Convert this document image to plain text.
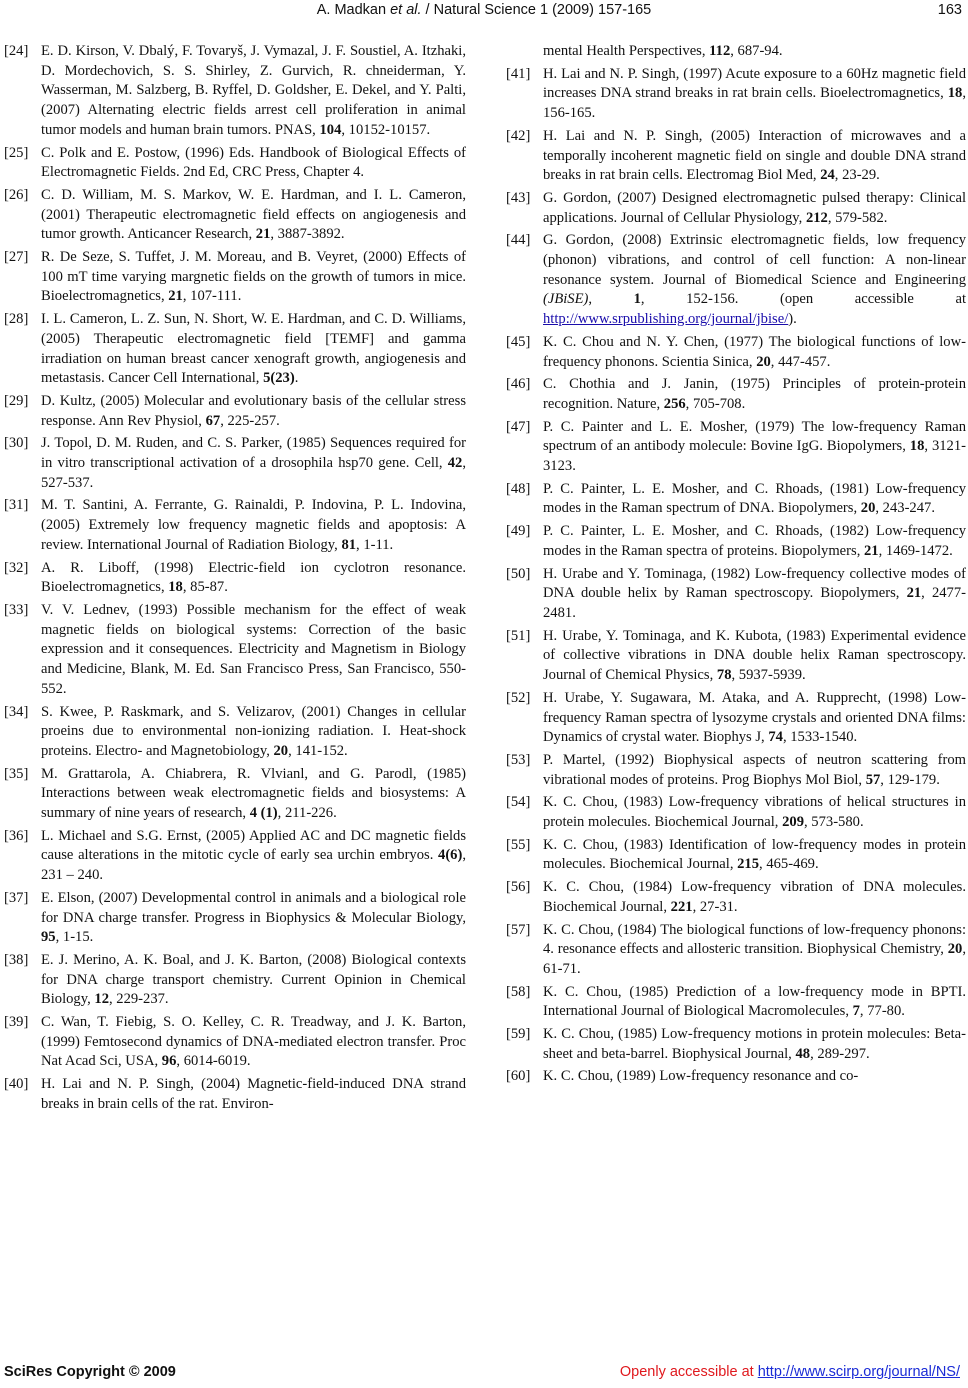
A. Madkan et al. / Natural Science 1 (2009) 157-165	163
[24] E. D. Kirson, V. Dbalý, F. Tovaryš, J. Vymazal, J. F. Soustiel, A. Itzhaki, D. Mordechovich, S. S. Shirley, Z. Gurvich, R. chneiderman, Y. Wasserman, M. Salzberg, B. Ryffel, D. Goldsher, E. Dekel, and Y. Palti, (2007) Alternating electric fields arrest cell proliferation in animal tumor models and human brain tumors. PNAS, 104, 10152-10157.
[25] C. Polk and E. Postow, (1996) Eds. Handbook of Biological Effects of Electromagnetic Fields. 2nd Ed, CRC Press, Chapter 4.
[26] C. D. William, M. S. Markov, W. E. Hardman, and I. L. Cameron, (2001) Therapeutic electromagnetic field effects on angiogenesis and tumor growth. Anticancer Research, 21, 3887-3892.
[27] R. De Seze, S. Tuffet, J. M. Moreau, and B. Veyret, (2000) Effects of 100 mT time varying margnetic fields on the growth of tumors in mice. Bioelectromagnetics, 21, 107-111.
[28] I. L. Cameron, L. Z. Sun, N. Short, W. E. Hardman, and C. D. Williams, (2005) Therapeutic electromagnetic field [TEMF] and gamma irradiation on human breast cancer xenograft growth, angiogenesis and metastasis. Cancer Cell International, 5(23).
[29] D. Kultz, (2005) Molecular and evolutionary basis of the cellular stress response. Ann Rev Physiol, 67, 225-257.
[30] J. Topol, D. M. Ruden, and C. S. Parker, (1985) Sequences required for in vitro transcriptional activation of a drosophila hsp70 gene. Cell, 42, 527-537.
[31] M. T. Santini, A. Ferrante, G. Rainaldi, P. Indovina, P. L. Indovina, (2005) Extremely low frequency magnetic fields and apoptosis: A review. International Journal of Radiation Biology, 81, 1-11.
[32] A. R. Liboff, (1998) Electric-field ion cyclotron resonance. Bioelectromagnetics, 18, 85-87.
[33] V. V. Lednev, (1993) Possible mechanism for the effect of weak magnetic fields on biological systems: Correction of the basic expression and it consequences. Electricity and Magnetism in Biology and Medicine, Blank, M. Ed. San Francisco Press, San Francisco, 550- 552.
[34] S. Kwee, P. Raskmark, and S. Velizarov, (2001) Changes in cellular proeins due to environmental non-ionizing radiation. I. Heat-shock proteins. Electro- and Magnetobiology, 20, 141-152.
[35] M. Grattarola, A. Chiabrera, R. Vlvianl, and G. Parodl, (1985) Interactions between weak electromagnetic fields and biosystems: A summary of nine years of research, 4 (1), 211-226.
[36] L. Michael and S.G. Ernst, (2005) Applied AC and DC magnetic fields cause alterations in the mitotic cycle of early sea urchin embryos. 4(6), 231 – 240.
[37] E. Elson, (2007) Developmental control in animals and a biological role for DNA charge transfer. Progress in Biophysics & Molecular Biology, 95, 1-15.
[38] E. J. Merino, A. K. Boal, and J. K. Barton, (2008) Biological contexts for DNA charge transport chemistry. Current Opinion in Chemical Biology, 12, 229-237.
[39] C. Wan, T. Fiebig, S. O. Kelley, C. R. Treadway, and J. K. Barton, (1999) Femtosecond dynamics of DNA-mediated electron transfer. Proc Nat Acad Sci, USA, 96, 6014-6019.
[40] H. Lai and N. P. Singh, (2004) Magnetic-field-induced DNA strand breaks in brain cells of the rat. Environ-
mental Health Perspectives, 112, 687-94.
[41] H. Lai and N. P. Singh, (1997) Acute exposure to a 60Hz magnetic field increases DNA strand breaks in rat brain cells. Bioelectromagnetics, 18, 156-165.
[42] H. Lai and N. P. Singh, (2005) Interaction of microwaves and a temporally incoherent magnetic field on single and double DNA strand breaks in rat brain cells. Electromag Biol Med, 24, 23-29.
[43] G. Gordon, (2007) Designed electromagnetic pulsed therapy: Clinical applications. Journal of Cellular Physiology, 212, 579-582.
[44] G. Gordon, (2008) Extrinsic electromagnetic fields, low frequency (phonon) vibrations, and control of cell function: A non-linear resonance system. Journal of Biomedical Science and Engineering (JBiSE), 1, 152-156. (open accessible at http://www.srpublishing.org/journal/jbise/).
[45] K. C. Chou and N. Y. Chen, (1977) The biological functions of low-frequency phonons. Scientia Sinica, 20, 447-457.
[46] C. Chothia and J. Janin, (1975) Principles of protein-protein recognition. Nature, 256, 705-708.
[47] P. C. Painter and L. E. Mosher, (1979) The low-frequency Raman spectrum of an antibody molecule: Bovine IgG. Biopolymers, 18, 3121-3123.
[48] P. C. Painter, L. E. Mosher, and C. Rhoads, (1981) Low-frequency modes in the Raman spectrum of DNA. Biopolymers, 20, 243-247.
[49] P. C. Painter, L. E. Mosher, and C. Rhoads, (1982) Low-frequency modes in the Raman spectra of proteins. Biopolymers, 21, 1469-1472.
[50] H. Urabe and Y. Tominaga, (1982) Low-frequency collective modes of DNA double helix by Raman spectroscopy. Biopolymers, 21, 2477-2481.
[51] H. Urabe, Y. Tominaga, and K. Kubota, (1983) Experimental evidence of collective vibrations in DNA double helix Raman spectroscopy. Journal of Chemical Physics, 78, 5937-5939.
[52] H. Urabe, Y. Sugawara, M. Ataka, and A. Rupprecht, (1998) Low-frequency Raman spectra of lysozyme crystals and oriented DNA films: Dynamics of crystal water. Biophys J, 74, 1533-1540.
[53] P. Martel, (1992) Biophysical aspects of neutron scattering from vibrational modes of proteins. Prog Biophys Mol Biol, 57, 129-179.
[54] K. C. Chou, (1983) Low-frequency vibrations of helical structures in protein molecules. Biochemical Journal, 209, 573-580.
[55] K. C. Chou, (1983) Identification of low-frequency modes in protein molecules. Biochemical Journal, 215, 465-469.
[56] K. C. Chou, (1984) Low-frequency vibration of DNA molecules. Biochemical Journal, 221, 27-31.
[57] K. C. Chou, (1984) The biological functions of low-frequency phonons: 4. resonance effects and allosteric transition. Biophysical Chemistry, 20, 61-71.
[58] K. C. Chou, (1985) Prediction of a low-frequency mode in BPTI. International Journal of Biological Macromolecules, 7, 77-80.
[59] K. C. Chou, (1985) Low-frequency motions in protein molecules: Beta-sheet and beta-barrel. Biophysical Journal, 48, 289-297.
[60] K. C. Chou, (1989) Low-frequency resonance and co-
SciRes Copyright © 2009	Openly accessible at http://www.scirp.org/journal/NS/
